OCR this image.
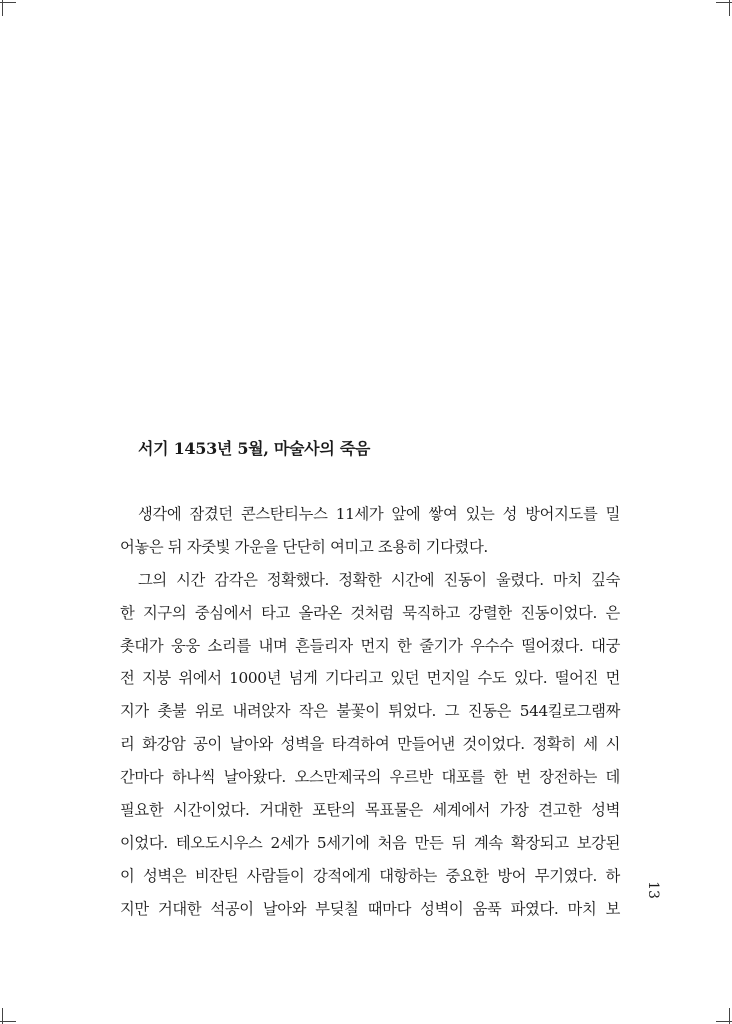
서기 1453년 5월, 마술사의 죽음
생각에 잠겼던 콘스탄티누스 11세가 앞에 쌓여 있는 성 방어지도를 밀
어놓은 뒤 자줏빛 가운을 단단히 여미고 조용히 기다렸다.
그의 시간 감각은 정확했다. 정확한 시간에 진동이 울렸다. 마치 깊숙
한 지구의 중심에서 타고 올라온 것처럼 묵직하고 강렬한 진동이었다. 은
촛대가 웅웅 소리를 내며 흔들리자 먼지 한 줄기가 우수수 떨어졌다. 대궁
전 지붕 위에서 1000년 넘게 기다리고 있던 먼지일 수도 있다. 떨어진 먼
지가 촛불 위로 내려앉자 작은 불꽃이 튀었다. 그 진동은 544킬로그램짜
리 화강암 공이 날아와 성벽을 타격하여 만들어낸 것이었다. 정확히 세 시
간마다 하나씩 날아왔다. 오스만제국의 우르반 대포를 한 번 장전하는 데
필요한 시간이었다. 거대한 포탄의 목표물은 세계에서 가장 견고한 성벽
이었다. 테오도시우스 2세가 5세기에 처음 만든 뒤 계속 확장되고 보강된
이 성벽은 비잔틴 사람들이 강적에게 대항하는 중요한 방어 무기였다. 하
지만 거대한 석공이 날아와 부딪칠 때마다 성벽이 움푹 파였다. 마치 보
13
